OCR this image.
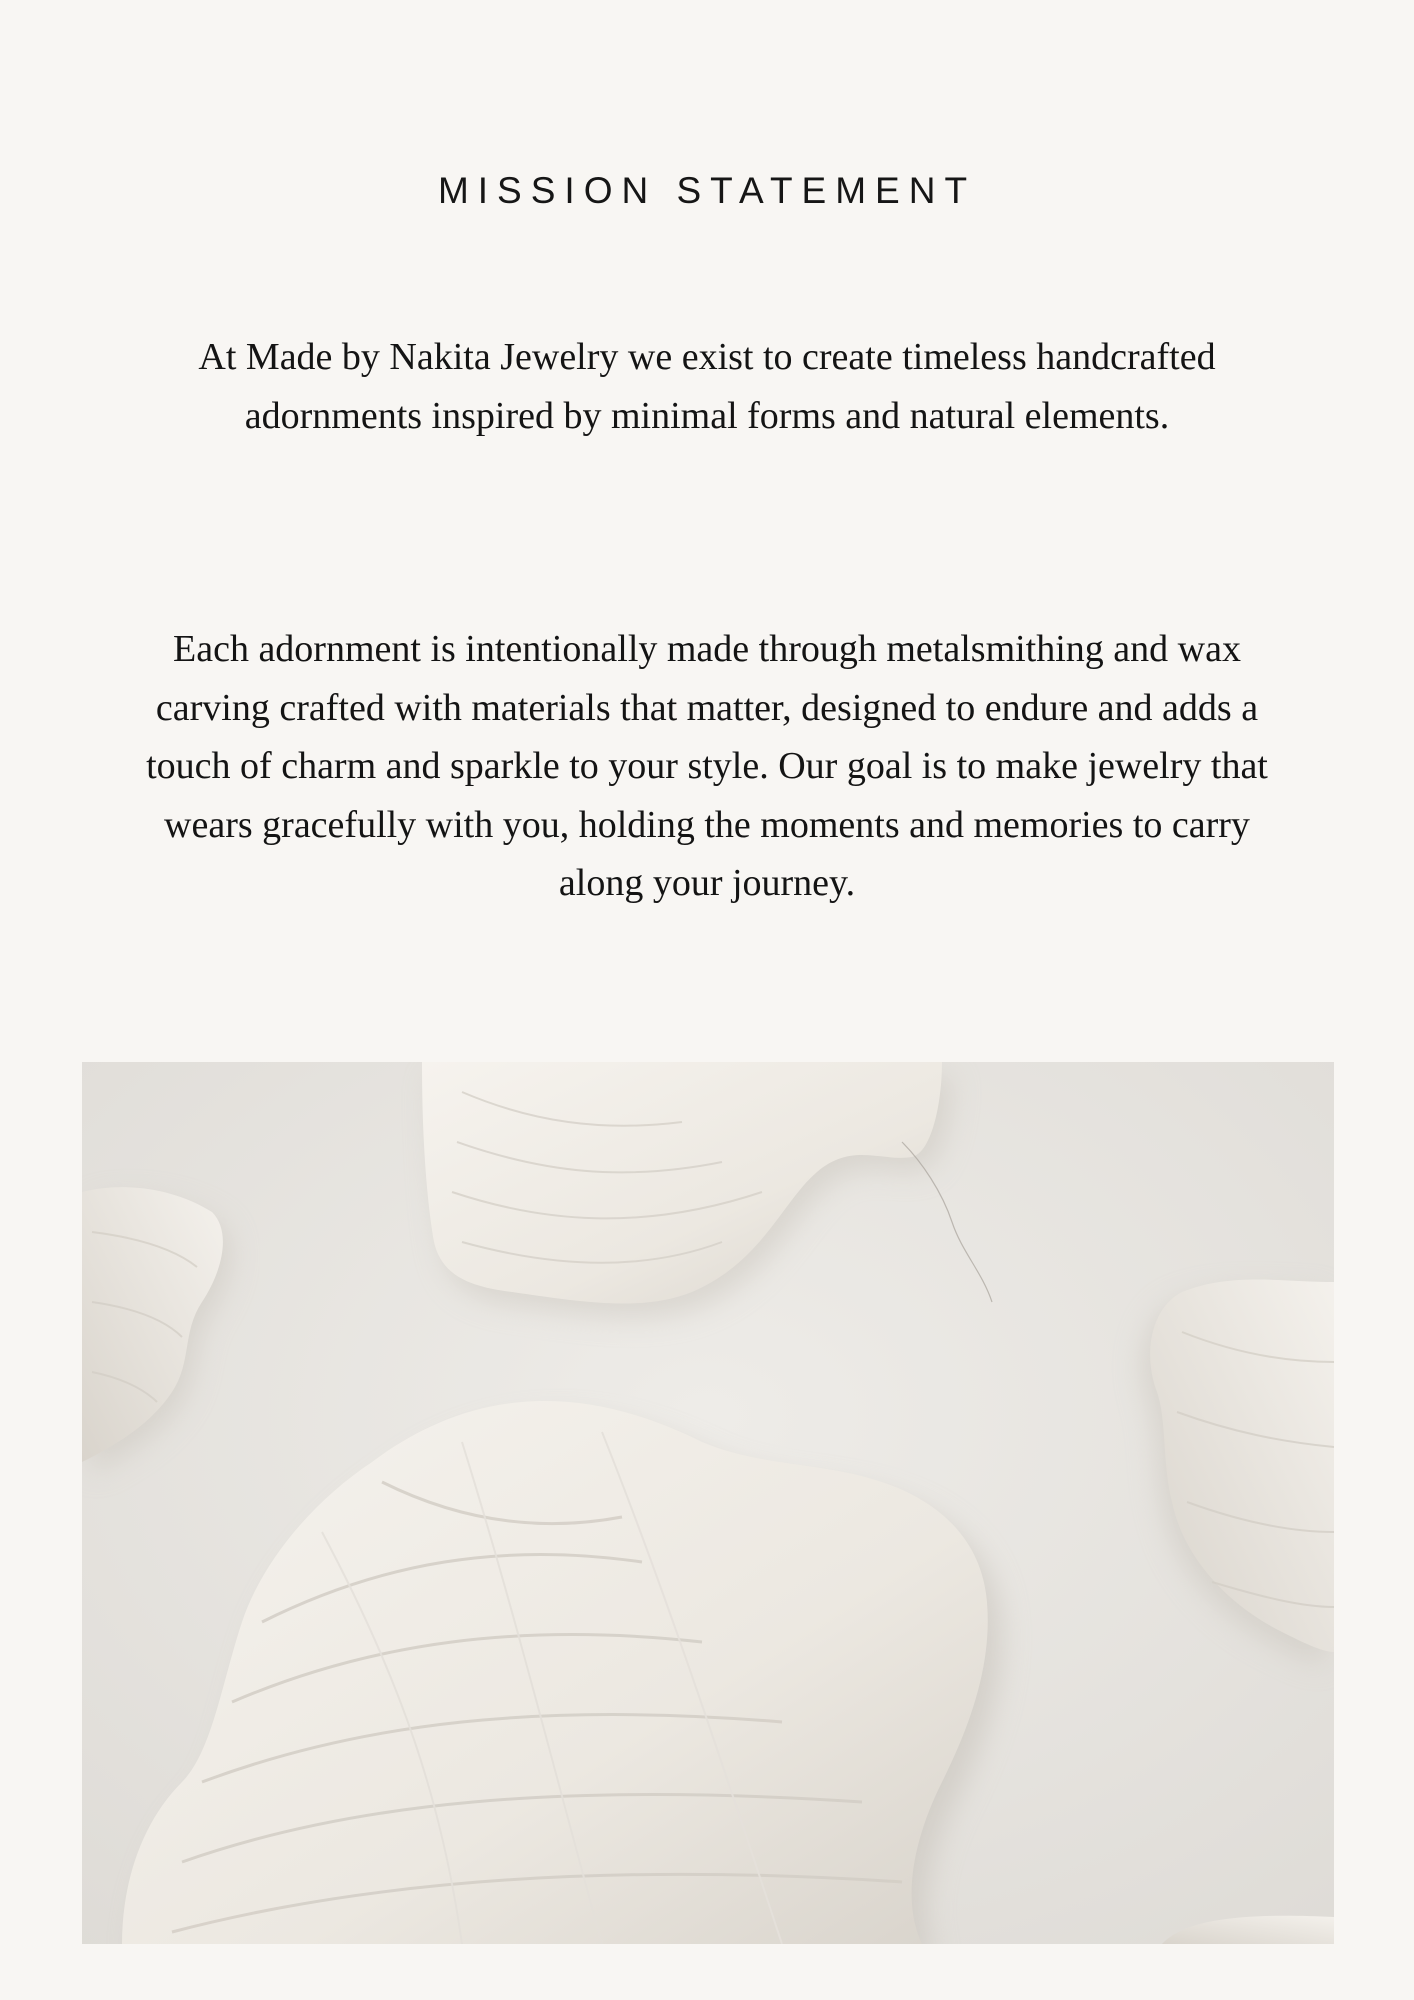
MISSION STATEMENT

At Made by Nakita Jewelry we exist to create timeless handcrafted adornments inspired by minimal forms and natural elements.

Each adornment is intentionally made through metalsmithing and wax carving crafted with materials that matter, designed to endure and adds a touch of charm and sparkle to your style. Our goal is to make jewelry that wears gracefully with you, holding the moments and memories to carry along your journey.
